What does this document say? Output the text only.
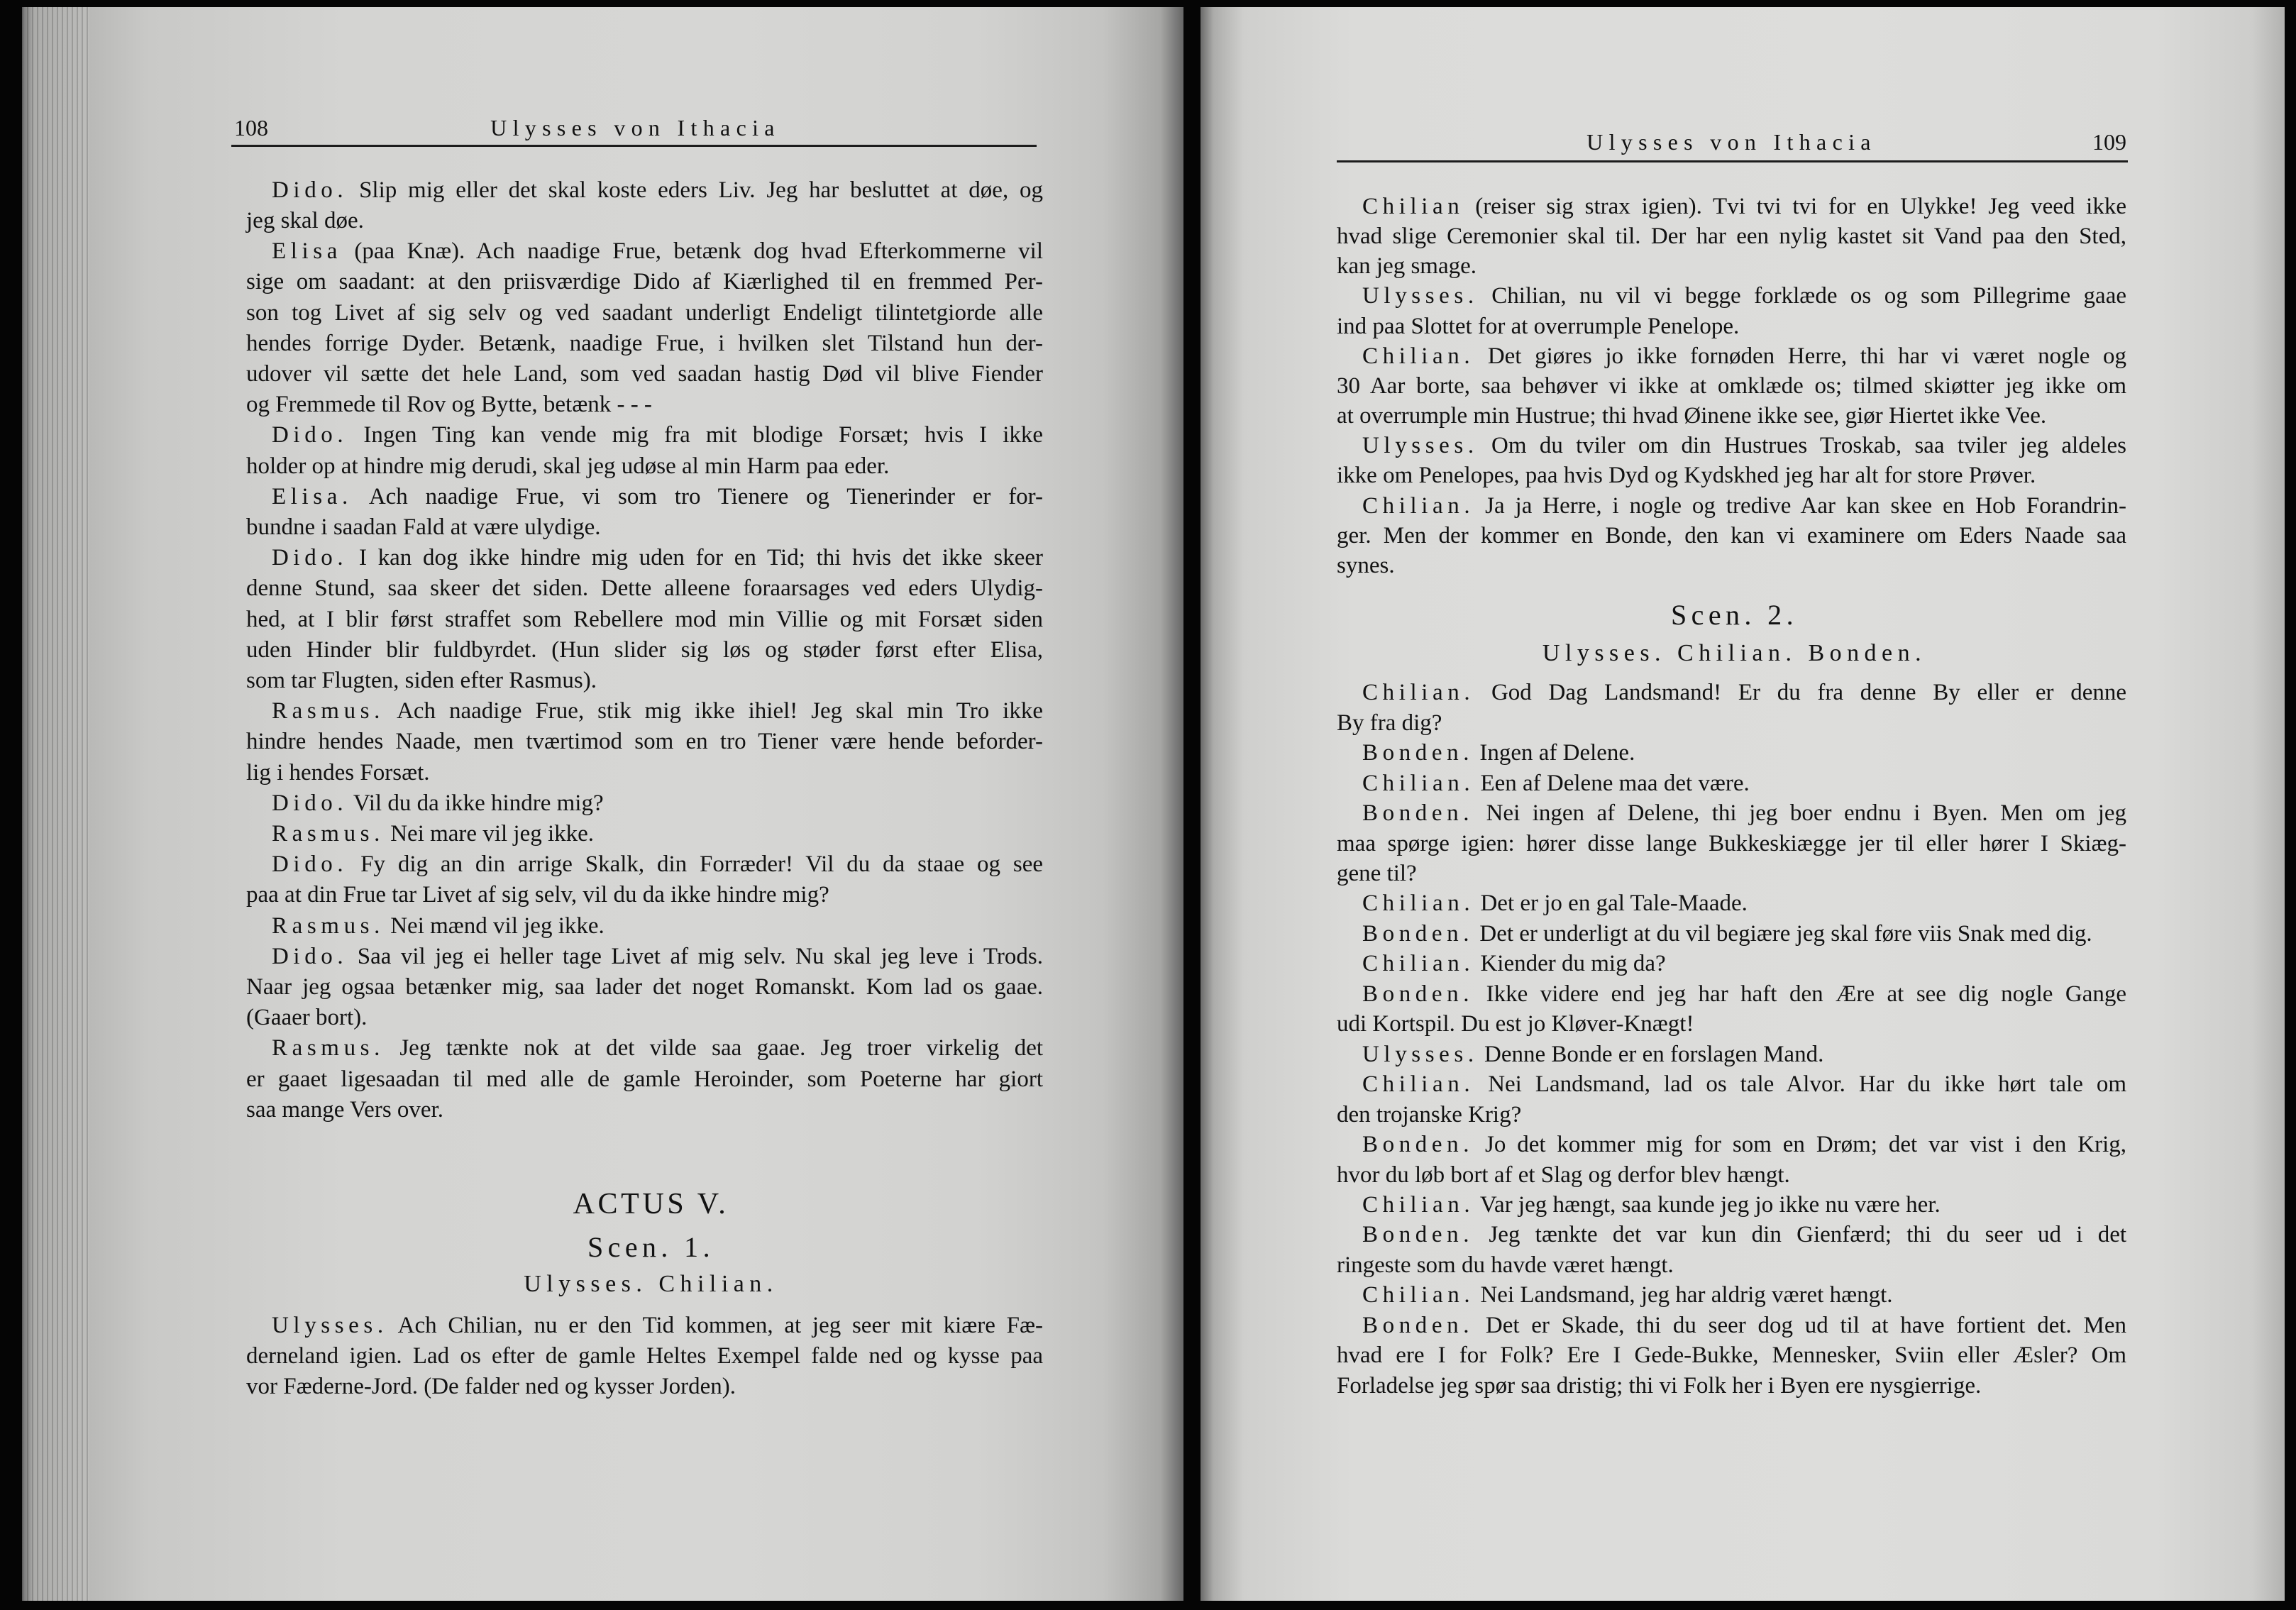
108	Ulysses von Ithacia
Dido. Slip mig eller det skal koste eders Liv. Jeg har besluttet at døe, og
jeg skal døe.
Elisa (paa Knæ). Ach naadige Frue, betænk dog hvad Efterkommerne vil
sige om saadant: at den priisværdige Dido af Kiærlighed til en fremmed Per-
son tog Livet af sig selv og ved saadant underligt Endeligt tilintetgiorde alle
hendes forrige Dyder. Betænk, naadige Frue, i hvilken slet Tilstand hun der-
udover vil sætte det hele Land, som ved saadan hastig Død vil blive Fiender
og Fremmede til Rov og Bytte, betænk - - -
Dido. Ingen Ting kan vende mig fra mit blodige Forsæt; hvis I ikke
holder op at hindre mig derudi, skal jeg udøse al min Harm paa eder.
Elisa. Ach naadige Frue, vi som tro Tienere og Tienerinder er for-
bundne i saadan Fald at være ulydige.
Dido. I kan dog ikke hindre mig uden for en Tid; thi hvis det ikke skeer
denne Stund, saa skeer det siden. Dette alleene foraarsages ved eders Ulydig-
hed, at I blir først straffet som Rebellere mod min Villie og mit Forsæt siden
uden Hinder blir fuldbyrdet. (Hun slider sig løs og støder først efter Elisa,
som tar Flugten, siden efter Rasmus).
Rasmus. Ach naadige Frue, stik mig ikke ihiel! Jeg skal min Tro ikke
hindre hendes Naade, men tværtimod som en tro Tiener være hende beforder-
lig i hendes Forsæt.
Dido. Vil du da ikke hindre mig?
Rasmus. Nei mare vil jeg ikke.
Dido. Fy dig an din arrige Skalk, din Forræder! Vil du da staae og see
paa at din Frue tar Livet af sig selv, vil du da ikke hindre mig?
Rasmus. Nei mænd vil jeg ikke.
Dido. Saa vil jeg ei heller tage Livet af mig selv. Nu skal jeg leve i Trods.
Naar jeg ogsaa betænker mig, saa lader det noget Romanskt. Kom lad os gaae.
(Gaaer bort).
Rasmus. Jeg tænkte nok at det vilde saa gaae. Jeg troer virkelig det
er gaaet ligesaadan til med alle de gamle Heroinder, som Poeterne har giort
saa mange Vers over.
ACTUS V.
Scen. 1.
Ulysses. Chilian.
Ulysses. Ach Chilian, nu er den Tid kommen, at jeg seer mit kiære Fæ-
derneland igien. Lad os efter de gamle Heltes Exempel falde ned og kysse paa
vor Fæderne-Jord. (De falder ned og kysser Jorden).
Ulysses von Ithacia	109
Chilian (reiser sig strax igien). Tvi tvi tvi for en Ulykke! Jeg veed ikke
hvad slige Ceremonier skal til. Der har een nylig kastet sit Vand paa den Sted,
kan jeg smage.
Ulysses. Chilian, nu vil vi begge forklæde os og som Pillegrime gaae
ind paa Slottet for at overrumple Penelope.
Chilian. Det giøres jo ikke fornøden Herre, thi har vi været nogle og
30 Aar borte, saa behøver vi ikke at omklæde os; tilmed skiøtter jeg ikke om
at overrumple min Hustrue; thi hvad Øinene ikke see, giør Hiertet ikke Vee.
Ulysses. Om du tviler om din Hustrues Troskab, saa tviler jeg aldeles
ikke om Penelopes, paa hvis Dyd og Kydskhed jeg har alt for store Prøver.
Chilian. Ja ja Herre, i nogle og tredive Aar kan skee en Hob Forandrin-
ger. Men der kommer en Bonde, den kan vi examinere om Eders Naade saa
synes.
Scen. 2.
Ulysses. Chilian. Bonden.
Chilian. God Dag Landsmand! Er du fra denne By eller er denne
By fra dig?
Bonden. Ingen af Delene.
Chilian. Een af Delene maa det være.
Bonden. Nei ingen af Delene, thi jeg boer endnu i Byen. Men om jeg
maa spørge igien: hører disse lange Bukkeskiægge jer til eller hører I Skiæg-
gene til?
Chilian. Det er jo en gal Tale-Maade.
Bonden. Det er underligt at du vil begiære jeg skal føre viis Snak med dig.
Chilian. Kiender du mig da?
Bonden. Ikke videre end jeg har haft den Ære at see dig nogle Gange
udi Kortspil. Du est jo Kløver-Knægt!
Ulysses. Denne Bonde er en forslagen Mand.
Chilian. Nei Landsmand, lad os tale Alvor. Har du ikke hørt tale om
den trojanske Krig?
Bonden. Jo det kommer mig for som en Drøm; det var vist i den Krig,
hvor du løb bort af et Slag og derfor blev hængt.
Chilian. Var jeg hængt, saa kunde jeg jo ikke nu være her.
Bonden. Jeg tænkte det var kun din Gienfærd; thi du seer ud i det
ringeste som du havde været hængt.
Chilian. Nei Landsmand, jeg har aldrig været hængt.
Bonden. Det er Skade, thi du seer dog ud til at have fortient det. Men
hvad ere I for Folk? Ere I Gede-Bukke, Mennesker, Sviin eller Æsler? Om
Forladelse jeg spør saa dristig; thi vi Folk her i Byen ere nysgierrige.
